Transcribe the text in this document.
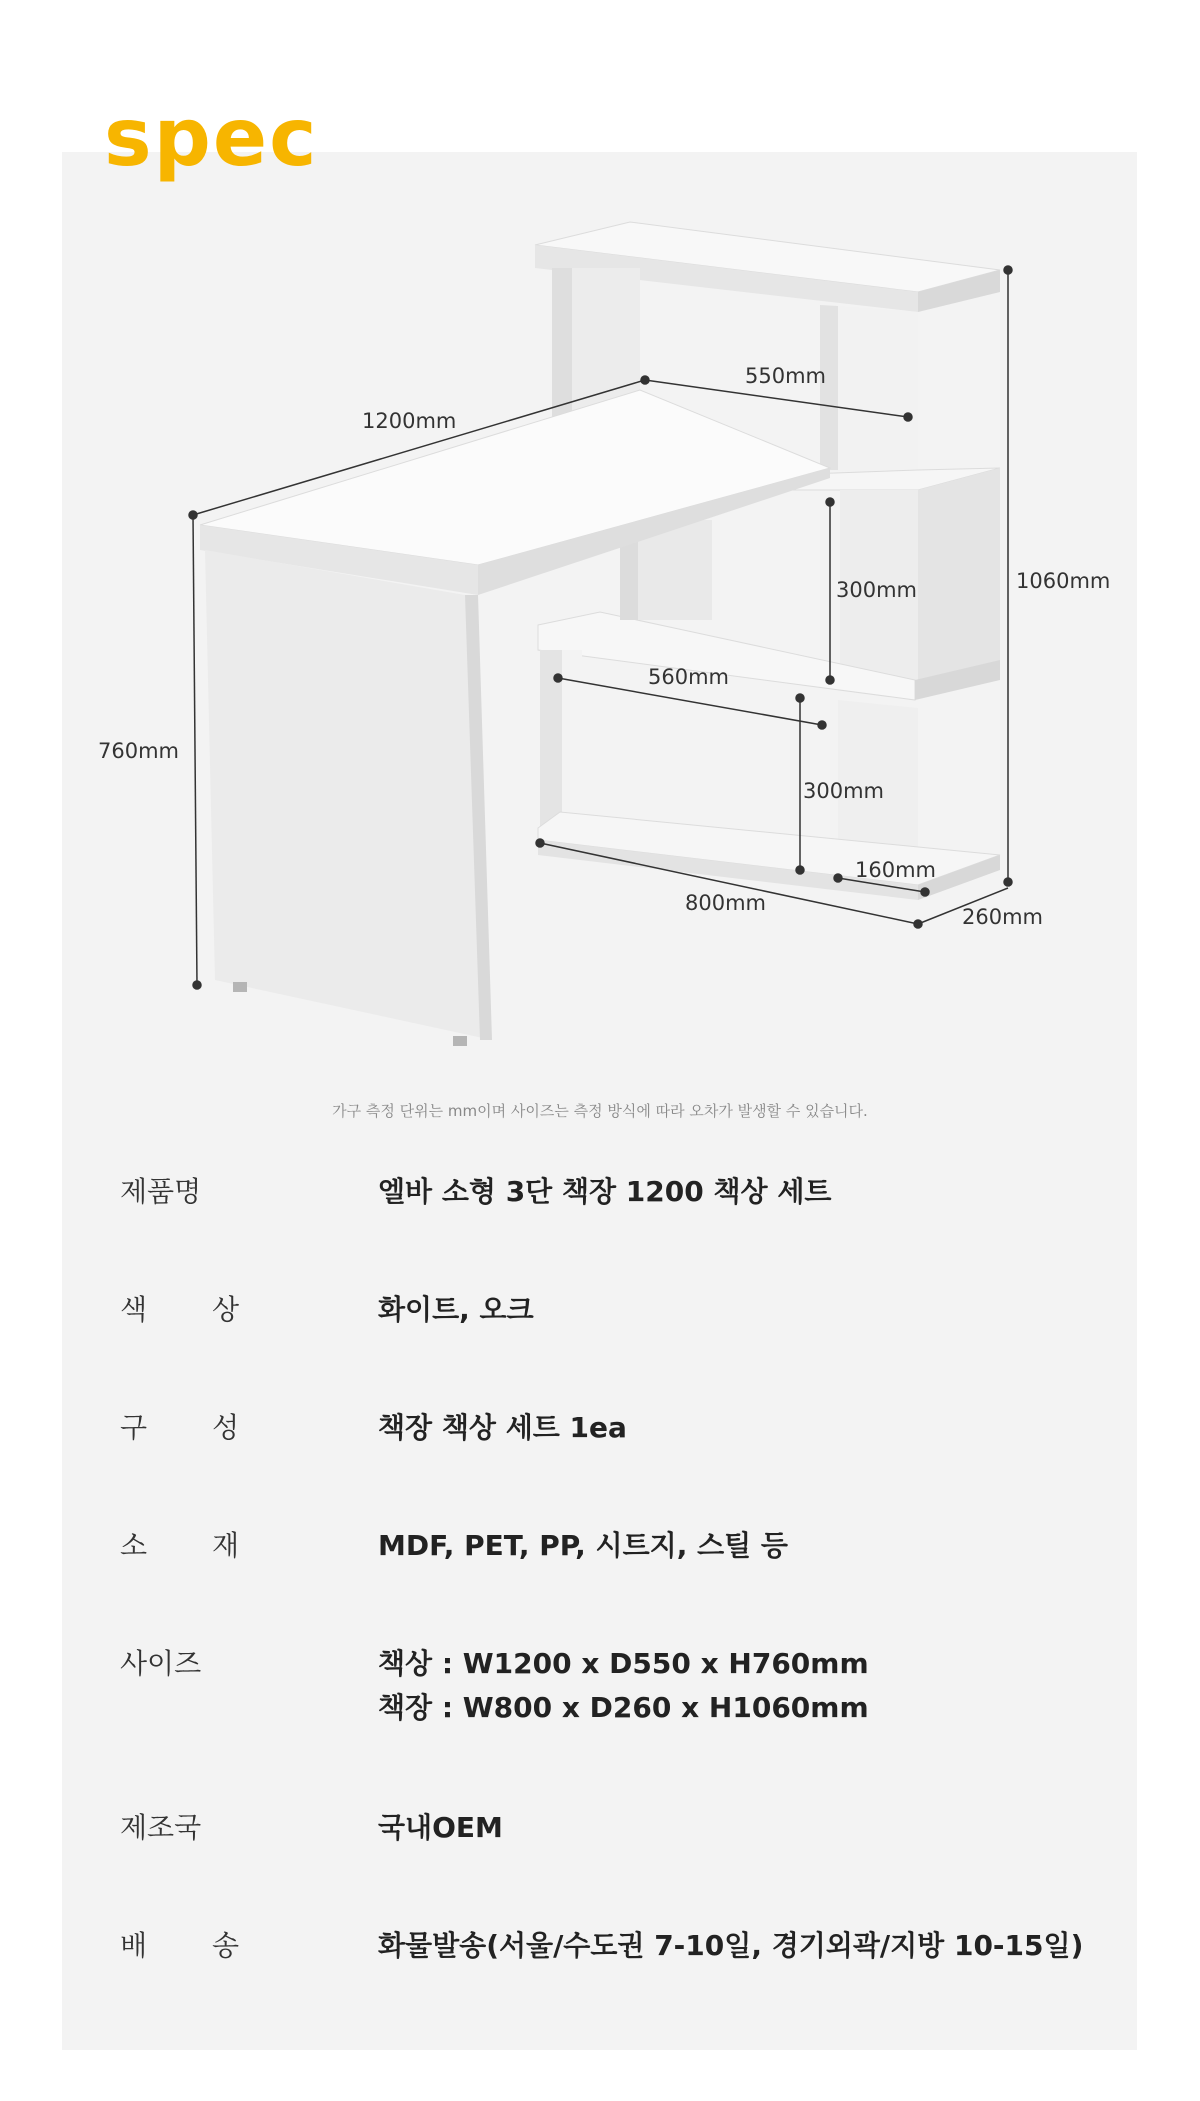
spec
1200mm
550mm
760mm
1060mm
300mm
560mm
300mm
160mm
800mm
260mm

가구 측정 단위는 mm이며 사이즈는 측정 방식에 따라 오차가 발생할 수 있습니다.

제품명	엘바 소형 3단 책장 1200 책상 세트
색 상	화이트, 오크
구 성	책장 책상 세트 1ea
소 재	MDF, PET, PP, 시트지, 스틸 등
사이즈	책상 : W1200 x D550 x H760mm
책장 : W800 x D260 x H1060mm
제조국	국내OEM
배 송	화물발송(서울/수도권 7-10일, 경기외곽/지방 10-15일)
